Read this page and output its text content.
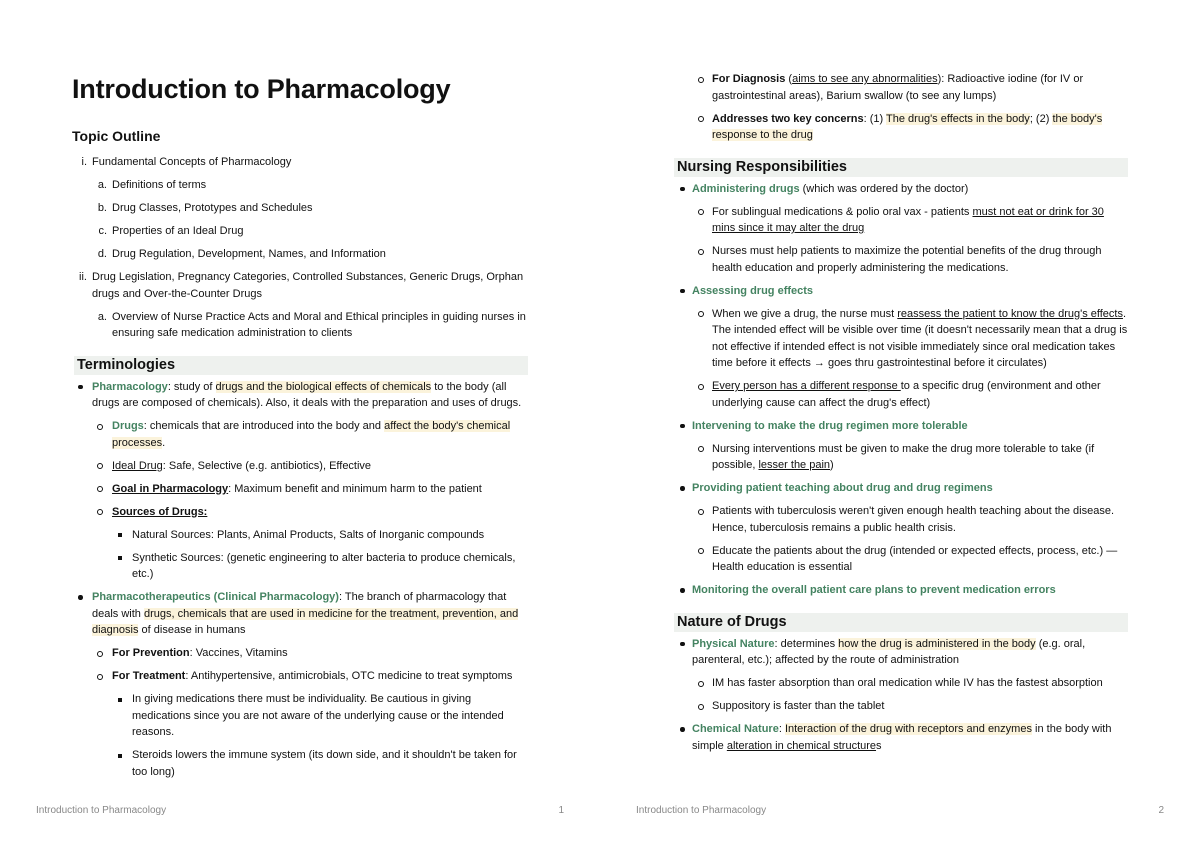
Introduction to Pharmacology
Topic Outline
i. Fundamental Concepts of Pharmacology
a. Definitions of terms
b. Drug Classes, Prototypes and Schedules
c. Properties of an Ideal Drug
d. Drug Regulation, Development, Names, and Information
ii. Drug Legislation, Pregnancy Categories, Controlled Substances, Generic Drugs, Orphan drugs and Over-the-Counter Drugs
a. Overview of Nurse Practice Acts and Moral and Ethical principles in guiding nurses in ensuring safe medication administration to clients
Terminologies
Pharmacology: study of drugs and the biological effects of chemicals to the body (all drugs are composed of chemicals). Also, it deals with the preparation and uses of drugs.
Drugs: chemicals that are introduced into the body and affect the body's chemical processes.
Ideal Drug: Safe, Selective (e.g. antibiotics), Effective
Goal in Pharmacology: Maximum benefit and minimum harm to the patient
Sources of Drugs:
Natural Sources: Plants, Animal Products, Salts of Inorganic compounds
Synthetic Sources: (genetic engineering to alter bacteria to produce chemicals, etc.)
Pharmacotherapeutics (Clinical Pharmacology): The branch of pharmacology that deals with drugs, chemicals that are used in medicine for the treatment, prevention, and diagnosis of disease in humans
For Prevention: Vaccines, Vitamins
For Treatment: Antihypertensive, antimicrobials, OTC medicine to treat symptoms
In giving medications there must be individuality. Be cautious in giving medications since you are not aware of the underlying cause or the intended reasons.
Steroids lowers the immune system (its down side, and it shouldn't be taken for too long)
Introduction to Pharmacology	1
For Diagnosis (aims to see any abnormalities): Radioactive iodine (for IV or gastrointestinal areas), Barium swallow (to see any lumps)
Addresses two key concerns: (1) The drug's effects in the body; (2) the body's response to the drug
Nursing Responsibilities
Administering drugs (which was ordered by the doctor)
For sublingual medications & polio oral vax - patients must not eat or drink for 30 mins since it may alter the drug
Nurses must help patients to maximize the potential benefits of the drug through health education and properly administering the medications.
Assessing drug effects
When we give a drug, the nurse must reassess the patient to know the drug's effects. The intended effect will be visible over time (it doesn't necessarily mean that a drug is not effective if intended effect is not visible immediately since oral medication takes time before it effects → goes thru gastrointestinal before it circulates)
Every person has a different response to a specific drug (environment and other underlying cause can affect the drug's effect)
Intervening to make the drug regimen more tolerable
Nursing interventions must be given to make the drug more tolerable to take (if possible, lesser the pain)
Providing patient teaching about drug and drug regimens
Patients with tuberculosis weren't given enough health teaching about the disease. Hence, tuberculosis remains a public health crisis.
Educate the patients about the drug (intended or expected effects, process, etc.) — Health education is essential
Monitoring the overall patient care plans to prevent medication errors
Nature of Drugs
Physical Nature: determines how the drug is administered in the body (e.g. oral, parenteral, etc.); affected by the route of administration
IM has faster absorption than oral medication while IV has the fastest absorption
Suppository is faster than the tablet
Chemical Nature: Interaction of the drug with receptors and enzymes in the body with simple alteration in chemical structures
Introduction to Pharmacology	2
